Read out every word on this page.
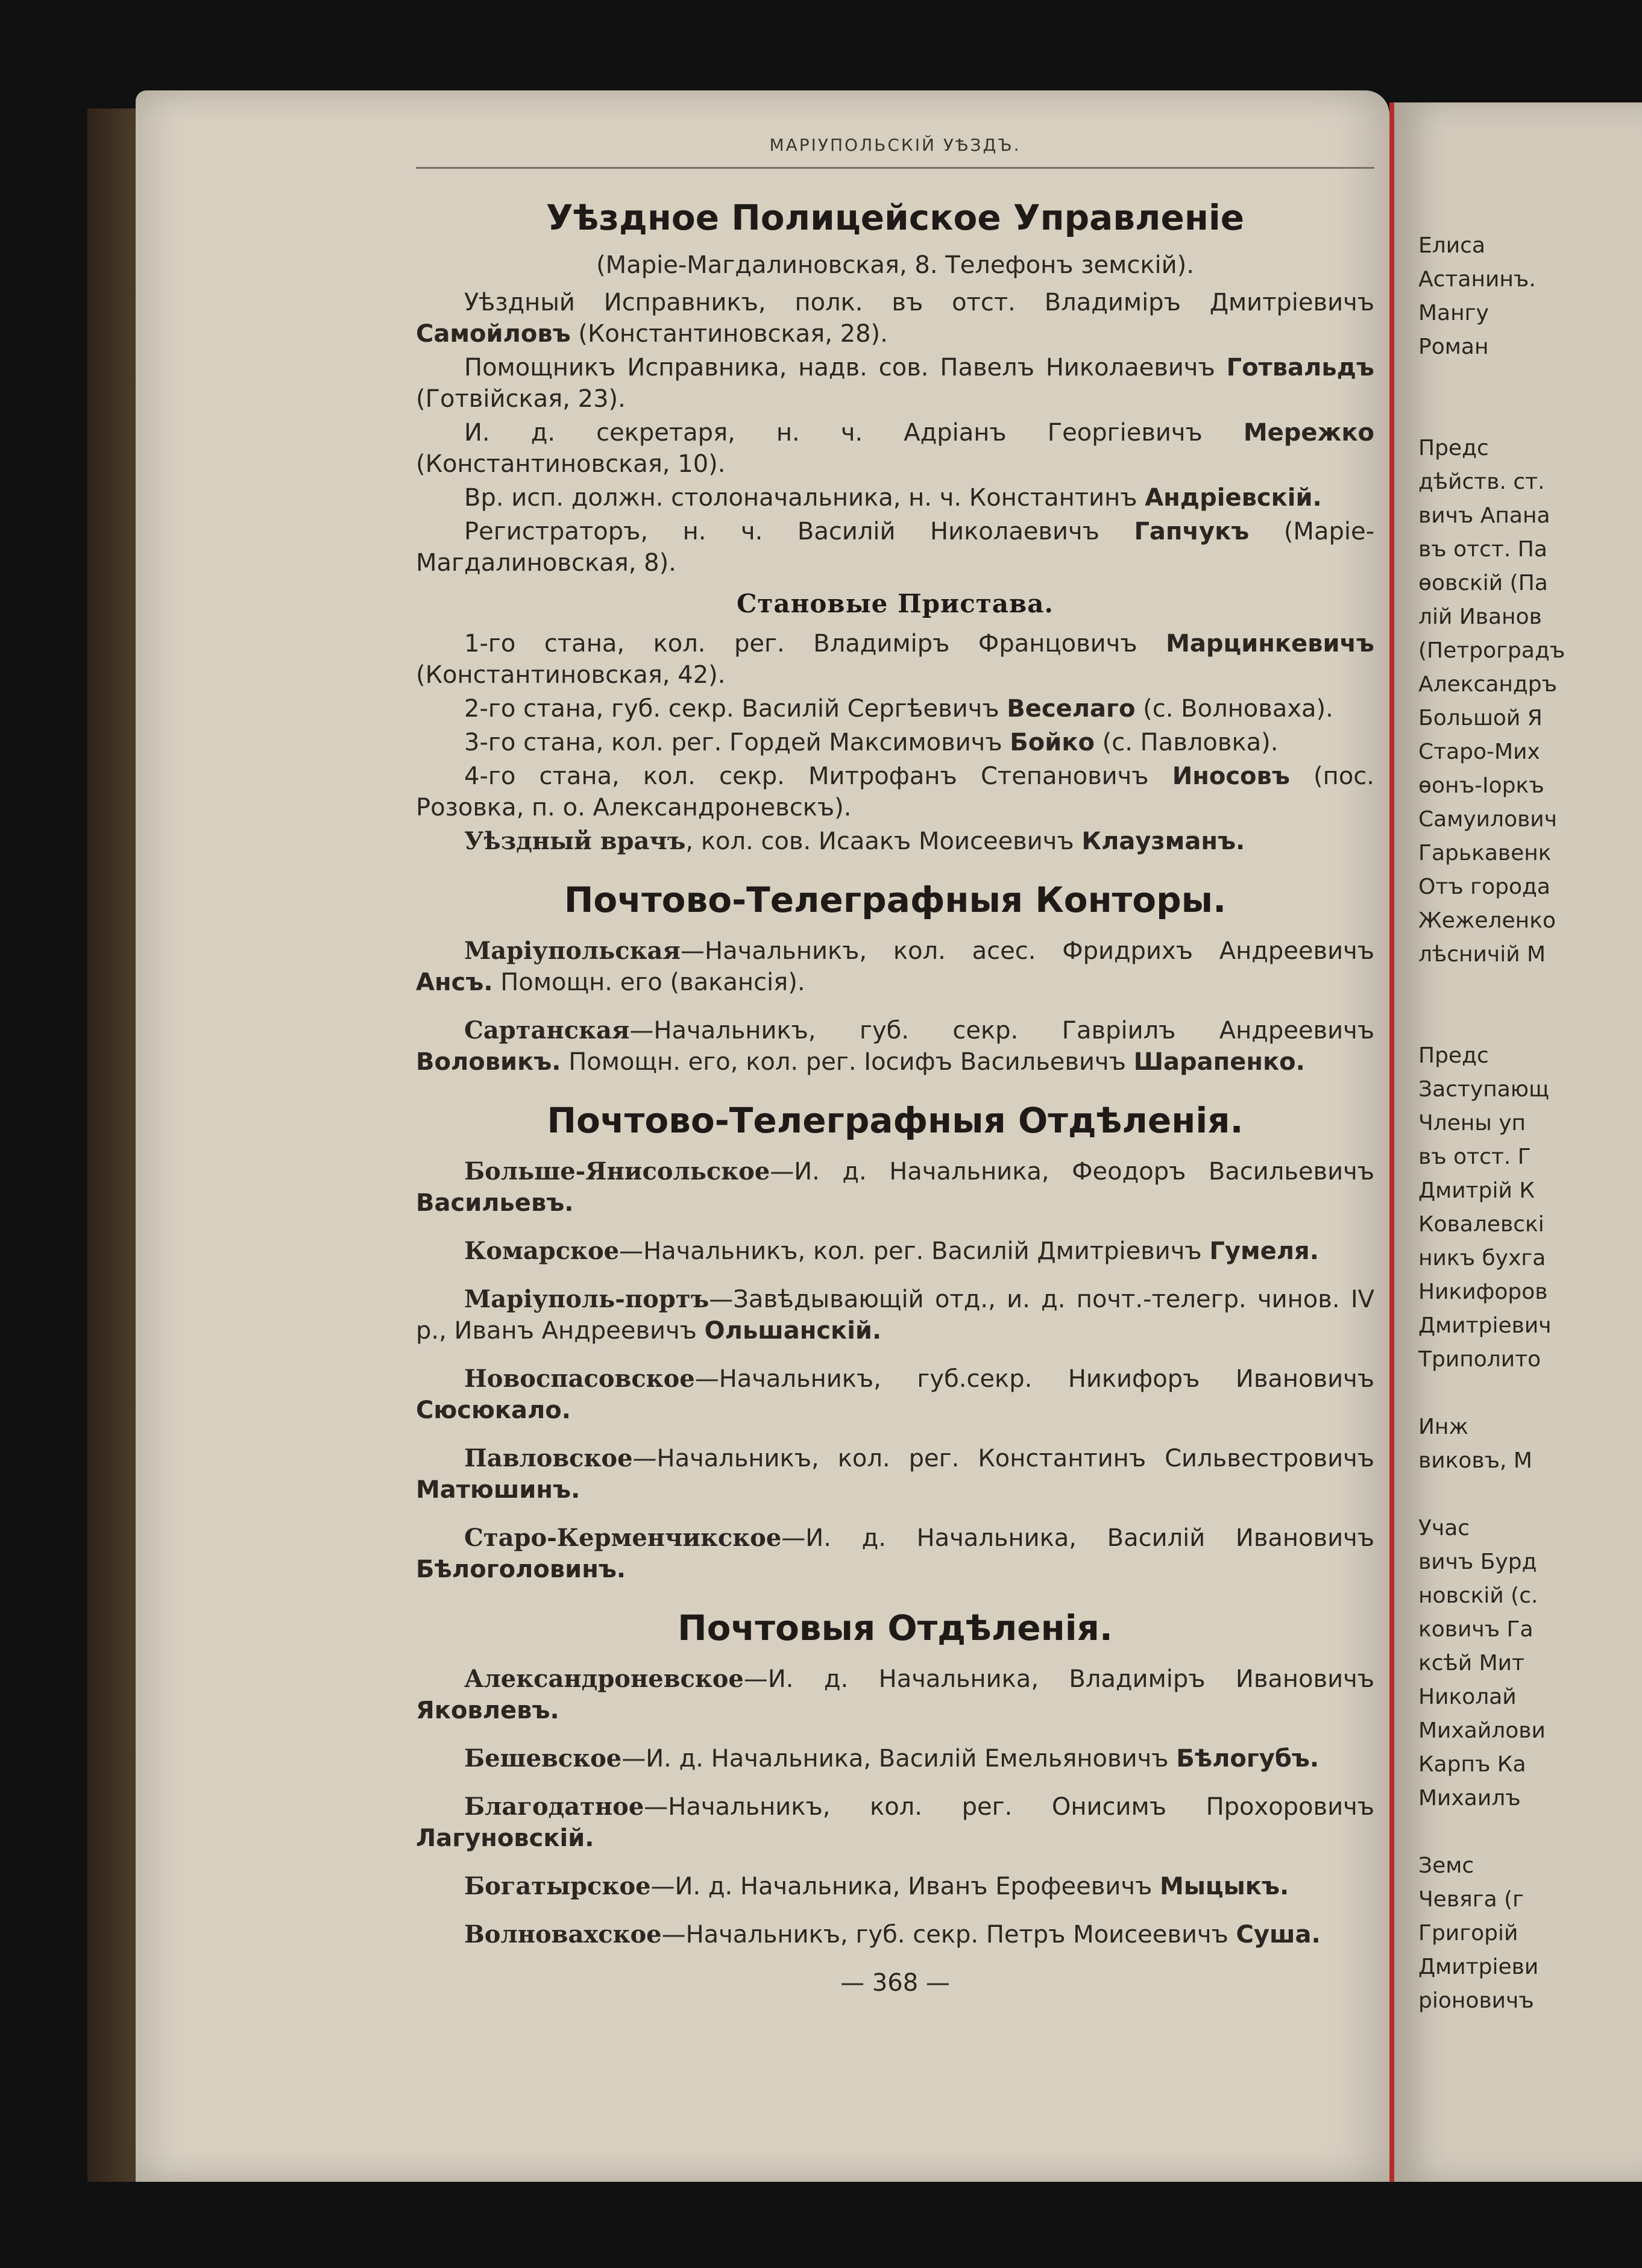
Елиса
Астанинъ.
Мангу
Роман

Предс
дѣйств. ст.
вичъ Апана
въ отст. Па
ѳовскій (Па
лій Иванов
(Петроградъ
Александръ
Большой Я
Старо-Мих
ѳонъ-Іоркъ
Самуилович
Гарькавенк
Отъ города
Жежеленко
лѣсничій М

Предс
Заступающ
Члены уп
въ отст. Г
Дмитрій К
Ковалевскі
никъ бухга
Никифоров
Дмитріевич
Триполито

Инж
виковъ, М

Учас
вичъ Бурд
новскій (с.
ковичъ Га
ксѣй Мит
Николай
Михайлови
Карпъ Ка
Михаилъ

Земс
Чевяга (г
Григорій
Дмитріеви
ріоновичъ
МАРІУПОЛЬСКІЙ УѢЗДЪ.
Уѣздное Полицейское Управленіе
(Маріе-Магдалиновская, 8. Телефонъ земскій).

Уѣздный Исправникъ, полк. въ отст. Владиміръ Дмитріевичъ Самойловъ (Константиновская, 28).

Помощникъ Исправника, надв. сов. Павелъ Николаевичъ Готвальдъ (Готвійская, 23).

И. д. секретаря, н. ч. Адріанъ Георгіевичъ Мережко (Константиновская, 10).

Вр. исп. должн. столоначальника, н. ч. Константинъ Андріевскій.

Регистраторъ, н. ч. Василій Николаевичъ Гапчукъ (Маріе-Магдалиновская, 8).

Становые Пристава.

1-го стана, кол. рег. Владиміръ Францовичъ Марцинкевичъ (Константиновская, 42).

2-го стана, губ. секр. Василій Сергѣевичъ Веселаго (с. Волноваха).

3-го стана, кол. рег. Гордей Максимовичъ Бойко (с. Павловка).

4-го стана, кол. секр. Митрофанъ Степановичъ Иносовъ (пос. Розовка, п. о. Александроневскъ).

Уѣздный врачъ, кол. сов. Исаакъ Моисеевичъ Клаузманъ.

Почтово-Телеграфныя Конторы.

Маріупольская—Начальникъ, кол. асес. Фридрихъ Андреевичъ Ансъ. Помощн. его (вакансія).

Сартанская—Начальникъ, губ. секр. Гавріилъ Андреевичъ Воловикъ. Помощн. его, кол. рег. Іосифъ Васильевичъ Шарапенко.

Почтово-Телеграфныя Отдѣленія.

Больше-Янисольское—И. д. Начальника, Феодоръ Васильевичъ Васильевъ.

Комарское—Начальникъ, кол. рег. Василій Дмитріевичъ Гумеля.

Маріуполь-портъ—Завѣдывающій отд., и. д. почт.-телегр. чинов. IV р., Иванъ Андреевичъ Ольшанскій.

Новоспасовское—Начальникъ, губ.секр. Никифоръ Ивановичъ Сюсюкало.

Павловское—Начальникъ, кол. рег. Константинъ Сильвестровичъ Матюшинъ.

Старо-Керменчикское—И. д. Начальника, Василій Ивановичъ Бѣлоголовинъ.

Почтовыя Отдѣленія.

Александроневское—И. д. Начальника, Владиміръ Ивановичъ Яковлевъ.

Бешевское—И. д. Начальника, Василій Емельяновичъ Бѣлогубъ.

Благодатное—Начальникъ, кол. рег. Онисимъ Прохоровичъ Лагуновскій.

Богатырское—И. д. Начальника, Иванъ Ерофеевичъ Мыцыкъ.

Волноваxское—Начальникъ, губ. секр. Петръ Моисеевичъ Суша.

— 368 —
